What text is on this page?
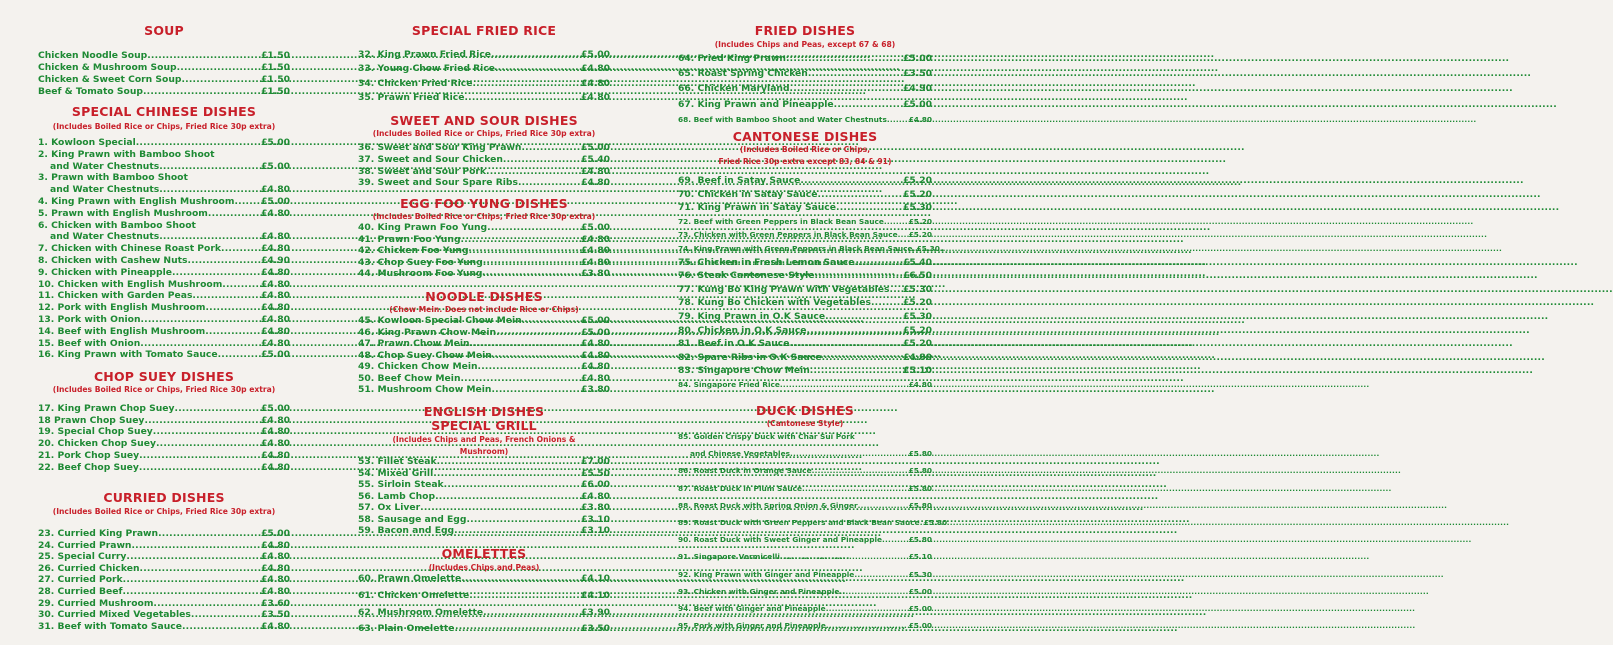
SOUP
Chicken Noodle Soup .....	£1.50
Chicken & Mushroom Soup .....	£1.50
Chicken & Sweet Corn Soup .....	£1.50
Beef & Tomato Soup .....	£1.50
SPECIAL CHINESE DISHES
(Includes Boiled Rice or Chips, Fried Rice 30p extra)
1. Kowloon Special .....	£5.00
2. King Prawn with Bamboo Shoot
and Water Chestnuts .....	£5.00
3. Prawn with Bamboo Shoot
and Water Chestnuts .....	£4.80
4. King Prawn with English Mushroom .....	£5.00
5. Prawn with English Mushroom .....	£4.80
6. Chicken with Bamboo Shoot
and Water Chestnuts .....	£4.80
7. Chicken with Chinese Roast Pork .....	£4.80
8. Chicken with Cashew Nuts .....	£4.90
9. Chicken with Pineapple .....	£4.80
10. Chicken with English Mushroom .....	£4.80
11. Chicken with Garden Peas .....	£4.80
12. Pork with English Mushroom .....	£4.80
13. Pork with Onion .....	£4.80
14. Beef with English Mushroom .....	£4.80
15. Beef with Onion .....	£4.80
16. King Prawn with Tomato Sauce .....	£5.00
CHOP SUEY DISHES
(Includes Boiled Rice or Chips, Fried Rice 30p extra)
17. King Prawn Chop Suey .....	£5.00
18 Prawn Chop Suey .....	£4.80
19. Special Chop Suey .....	£4.80
20. Chicken Chop Suey .....	£4.80
21. Pork Chop Suey .....	£4.80
22. Beef Chop Suey .....	£4.80
CURRIED DISHES
(Includes Boiled Rice or Chips, Fried Rice 30p extra)
23. Curried King Prawn .....	£5.00
24. Curried Prawn .....	£4.80
25. Special Curry .....	£4.80
26. Curried Chicken .....	£4.80
27. Curried Pork .....	£4.80
28. Curried Beef .....	£4.80
29. Curried Mushroom .....	£3.60
30. Curried Mixed Vegetables .....	£3.50
31. Beef with Tomato Sauce .....	£4.80
SPECIAL FRIED RICE
32. King Prawn Fried Rice .....	£5.00
33. Young Chow Fried Rice .....	£4.80
34. Chicken Fried Rice .....	£4.80
35. Prawn Fried Rice .....	£4.80
SWEET AND SOUR DISHES
(Includes Boiled Rice or Chips, Fried Rice 30p extra)
36. Sweet and Sour King Prawn .....	£5.00
37. Sweet and Sour Chicken .....	£5.40
38. Sweet and Sour Pork .....	£4.80
39. Sweet and Sour Spare Ribs .....	£4.80
EGG FOO YUNG DISHES
(Includes Boiled Rice or Chips, Fried Rice 30p extra)
40. King Prawn Foo Yung .....	£5.00
41. Prawn Foo Yung .....	£4.80
42. Chicken Foo Yung .....	£4.80
43. Chop Suey Foo Yung .....	£4.80
44. Mushroom Foo Yung .....	£3.80
NOODLE DISHES
(Chow Mein. Does not include Rice or Chips)
45. Kowloon Special Chow Mein .....	£5.00
46. King Prawn Chow Mein .....	£5.00
47. Prawn Chow Mein .....	£4.80
48. Chop Suey Chow Mein .....	£4.80
49. Chicken Chow Mein .....	£4.80
50. Beef Chow Mein .....	£4.80
51. Mushroom Chow Mein .....	£3.80
ENGLISH DISHES
SPECIAL GRILL
(Includes Chips and Peas, French Onions &
Mushroom)
53. Fillet Steak .....	£7.00
54. Mixed Grill .....	£5.50
55. Sirloin Steak .....	£6.00
56. Lamb Chop .....	£4.80
57. Ox Liver .....	£3.80
58. Sausage and Egg .....	£3.10
59. Bacon and Egg .....	£3.10
OMELETTES
(Includes Chips and Peas)
60. Prawn Omelette .....	£4.10
61. Chicken Omelette .....	£4.10
62. Mushroom Omelette .....	£3.90
63. Plain Omelette .....	£3.50
FRIED DISHES
(Includes Chips and Peas, except 67 & 68)
64. Fried King Prawn .....	£5.00
65. Roast Spring Chicken .....	£3.50
66. Chicken Maryland .....	£4.90
67. King Prawn and Pineapple .....	£5.00
68. Beef with Bamboo Shoot and Water Chestnuts .....	£4.80
CANTONESE DISHES
(Includes Boiled Rice or Chips,
Fried Rice 30p extra except 83, 84 & 91)
69. Beef in Satay Sauce .....	£5.20
70. Chicken in Satay Sauce .....	£5.20
71. King Prawn in Satay Sauce .....	£5.30
72. Beef with Green Peppers in Black Bean Sauce .....	£5.20
73. Chicken with Green Peppers in Black Bean Sauce ..... £5.20
74. King Prawn with Green Peppers in Black Bean Sauce ..... £5.30
75. Chicken in Fresh Lemon Sauce .....	£5.40
76. Steak Cantonese Style .....	£6.50
77. Kung Bo King Prawn with Vegetables ..... £5.30
78. Kung Bo Chicken with Vegetables .....	£5.20
79. King Prawn in O.K Sauce .....	£5.30
80. Chicken in O.K Sauce .....	£5.20
81. Beef in O.K Sauce .....	£5.20
82. Spare Ribs in O.K Sauce .....	£4.80
83. Singapore Chow Mein .....	£5.10
84. Singapore Fried Rice .....	£4.80
DUCK DISHES
(Cantonese Style)
85. Golden Crispy Duck with Char Sui Pork
and Chinese Vegetables .....	£5.80
86. Roast Duck in Orange Sauce .....	£5.80
87. Roast Duck in Plum Sauce .....	£5.80
88. Roast Duck with Spring Onion & Ginger .....	£5.80
89. Roast Duck with Green Peppers and Black Bean Sauce ..... £5.80
90. Roast Duck with Sweet Ginger and Pineapple .....	£5.80
91. Singapore Vermicelli .....	£5.10
92. King Prawn with Ginger and Pineapple .....	£5.30
93. Chicken with Ginger and Pineapple .....	£5.00
94. Beef with Ginger and Pineapple .....	£5.00
95. Pork with Ginger and Pineapple .....	£5.00
